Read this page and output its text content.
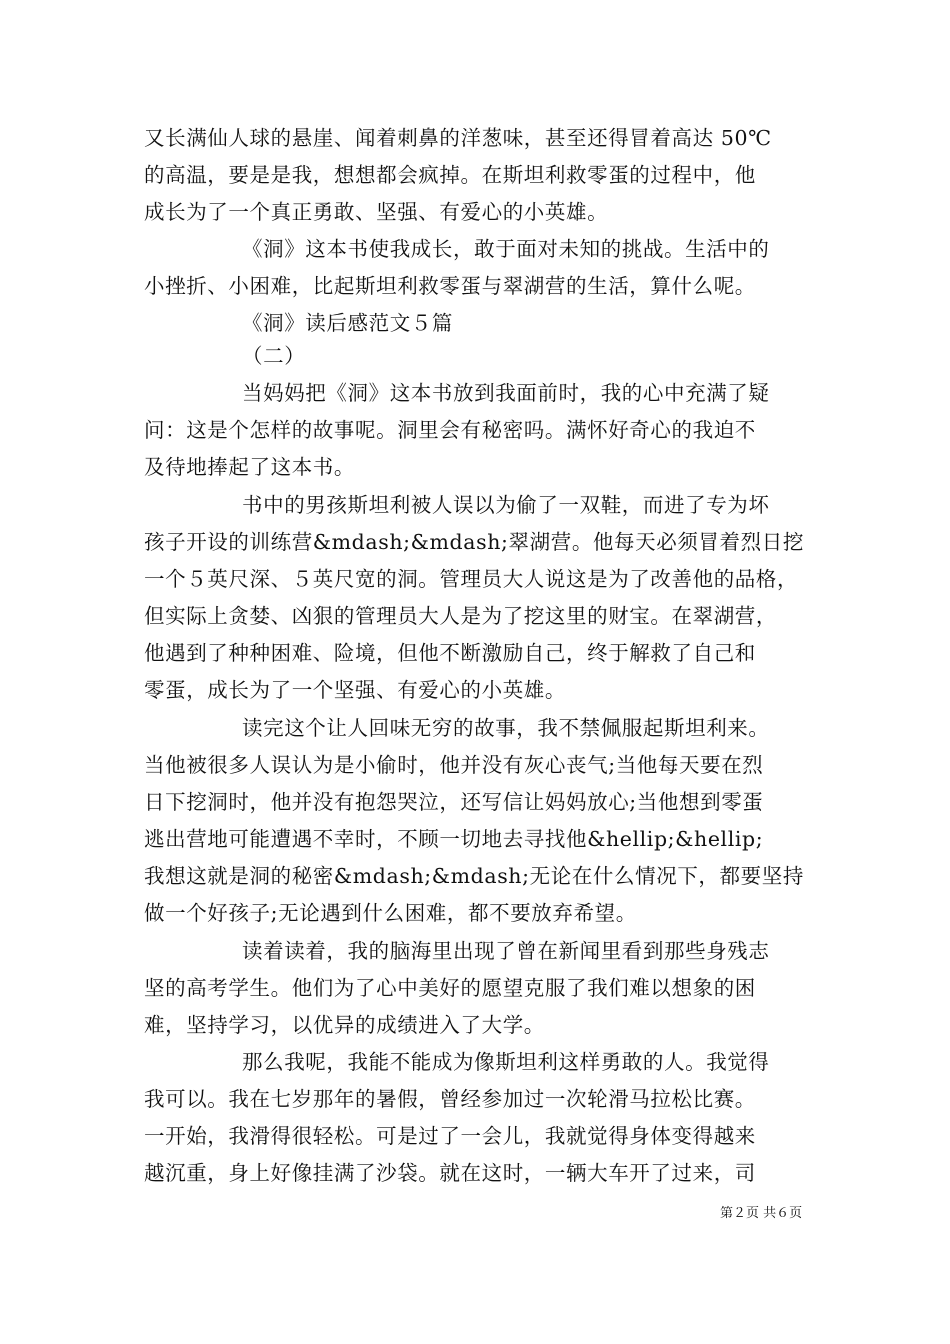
又长满仙人球的悬崖、闻着刺鼻的洋葱味，甚至还得冒着高达 50℃
的高温，要是是我，想想都会疯掉。在斯坦利救零蛋的过程中，他
成长为了一个真正勇敢、坚强、有爱心的小英雄。
《洞》这本书使我成长，敢于面对未知的挑战。生活中的
小挫折、小困难，比起斯坦利救零蛋与翠湖营的生活，算什么呢。
《洞》读后感范文５篇
（二）
当妈妈把《洞》这本书放到我面前时，我的心中充满了疑
问：这是个怎样的故事呢。洞里会有秘密吗。满怀好奇心的我迫不
及待地捧起了这本书。
书中的男孩斯坦利被人误以为偷了一双鞋，而进了专为坏
孩子开设的训练营&mdash;&mdash;翠湖营。他每天必须冒着烈日挖
一个５英尺深、５英尺宽的洞。管理员大人说这是为了改善他的品格，
但实际上贪婪、凶狠的管理员大人是为了挖这里的财宝。在翠湖营，
他遇到了种种困难、险境，但他不断激励自己，终于解救了自己和
零蛋，成长为了一个坚强、有爱心的小英雄。
读完这个让人回味无穷的故事，我不禁佩服起斯坦利来。
当他被很多人误认为是小偷时，他并没有灰心丧气;当他每天要在烈
日下挖洞时，他并没有抱怨哭泣，还写信让妈妈放心;当他想到零蛋
逃出营地可能遭遇不幸时，不顾一切地去寻找他&hellip;&hellip;
我想这就是洞的秘密&mdash;&mdash;无论在什么情况下，都要坚持
做一个好孩子;无论遇到什么困难，都不要放弃希望。
读着读着，我的脑海里出现了曾在新闻里看到那些身残志
坚的高考学生。他们为了心中美好的愿望克服了我们难以想象的困
难，坚持学习，以优异的成绩进入了大学。
那么我呢，我能不能成为像斯坦利这样勇敢的人。我觉得
我可以。我在七岁那年的暑假，曾经参加过一次轮滑马拉松比赛。
一开始，我滑得很轻松。可是过了一会儿，我就觉得身体变得越来
越沉重，身上好像挂满了沙袋。就在这时，一辆大车开了过来，司
第２页 共６页
